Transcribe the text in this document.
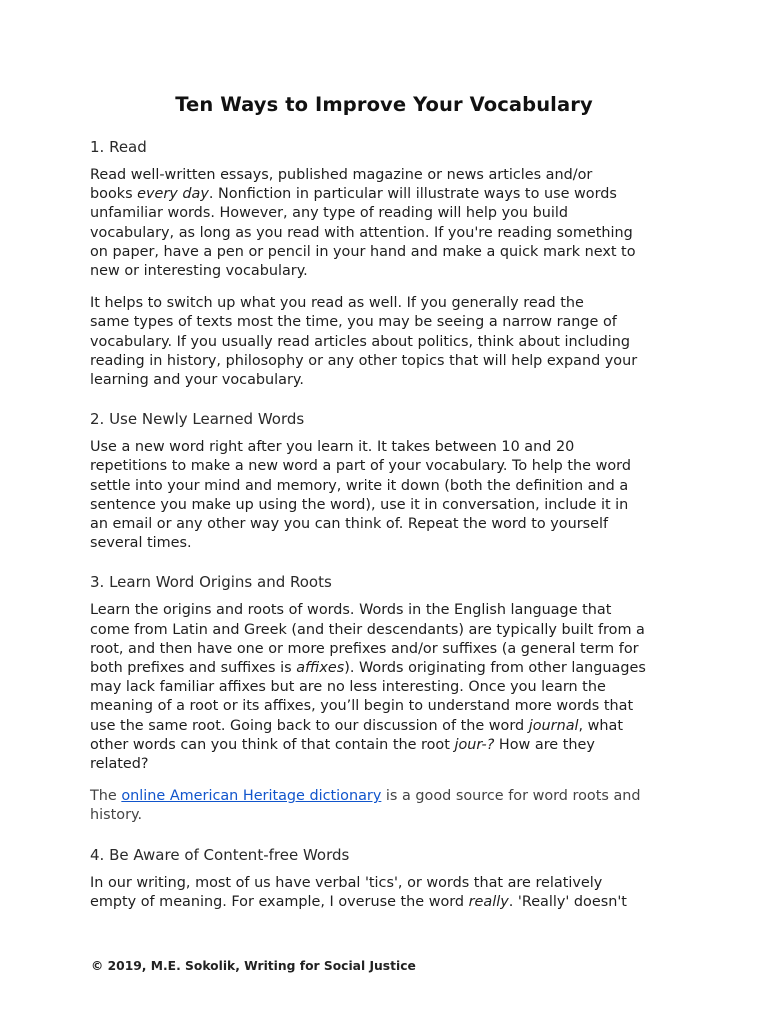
Ten Ways to Improve Your Vocabulary
1. Read
Read well-written essays, published magazine or news articles and/or
books every day. Nonfiction in particular will illustrate ways to use words
unfamiliar words. However, any type of reading will help you build
vocabulary, as long as you read with attention. If you're reading something
on paper, have a pen or pencil in your hand and make a quick mark next to
new or interesting vocabulary.
It helps to switch up what you read as well. If you generally read the
same types of texts most the time, you may be seeing a narrow range of
vocabulary. If you usually read articles about politics, think about including
reading in history, philosophy or any other topics that will help expand your
learning and your vocabulary.
2. Use Newly Learned Words
Use a new word right after you learn it. It takes between 10 and 20
repetitions to make a new word a part of your vocabulary. To help the word
settle into your mind and memory, write it down (both the definition and a
sentence you make up using the word), use it in conversation, include it in
an email or any other way you can think of. Repeat the word to yourself
several times.
3. Learn Word Origins and Roots
Learn the origins and roots of words. Words in the English language that
come from Latin and Greek (and their descendants) are typically built from a
root, and then have one or more prefixes and/or suffixes (a general term for
both prefixes and suffixes is affixes). Words originating from other languages
may lack familiar affixes but are no less interesting. Once you learn the
meaning of a root or its affixes, you’ll begin to understand more words that
use the same root. Going back to our discussion of the word journal, what
other words can you think of that contain the root jour-? How are they
related?
The online American Heritage dictionary is a good source for word roots and
history.
4. Be Aware of Content-free Words
In our writing, most of us have verbal 'tics', or words that are relatively
empty of meaning. For example, I overuse the word really. 'Really' doesn't
© 2019, M.E. Sokolik, Writing for Social Justice
